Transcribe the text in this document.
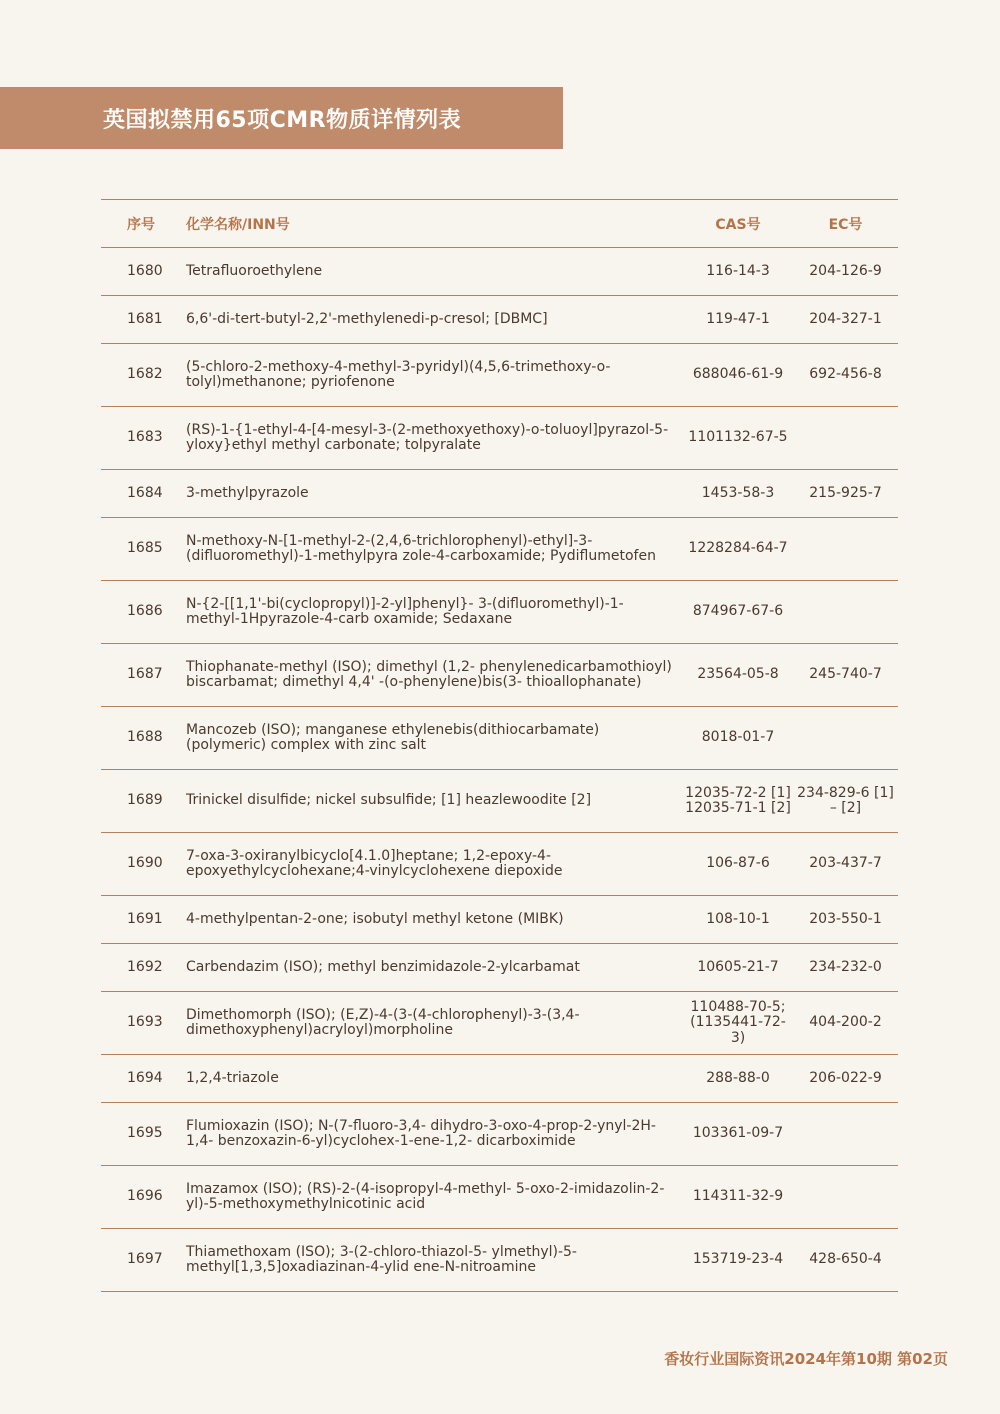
英国拟禁用65项CMR物质详情列表
序号	化学名称/INN号	CAS号	EC号
1680	Tetrafluoroethylene	116-14-3	204-126-9
1681	6,6'-di-tert-butyl-2,2'-methylenedi-p-cresol; [DBMC]	119-47-1	204-327-1
1682	(5-chloro-2-methoxy-4-methyl-3-pyridyl)(4,5,6-trimethoxy-o-tolyl)methanone; pyriofenone	688046-61-9	692-456-8
1683	(RS)-1-{1-ethyl-4-[4-mesyl-3-(2-methoxyethoxy)-o-toluoyl]pyrazol-5-yloxy}ethyl methyl carbonate; tolpyralate	1101132-67-5	
1684	3-methylpyrazole	1453-58-3	215-925-7
1685	N-methoxy-N-[1-methyl-2-(2,4,6-trichlorophenyl)-ethyl]-3-(difluoromethyl)-1-methylpyra zole-4-carboxamide; Pydiflumetofen	1228284-64-7	
1686	N-{2-[[1,1'-bi(cyclopropyl)]-2-yl]phenyl}- 3-(difluoromethyl)-1-methyl-1Hpyrazole-4-carb oxamide; Sedaxane	874967-67-6	
1687	Thiophanate-methyl (ISO); dimethyl (1,2- phenylenedicarbamothioyl) biscarbamat; dimethyl 4,4' -(o-phenylene)bis(3- thioallophanate)	23564-05-8	245-740-7
1688	Mancozeb (ISO); manganese ethylenebis(dithiocarbamate) (polymeric) complex with zinc salt	8018-01-7	
1689	Trinickel disulfide; nickel subsulfide; [1] heazlewoodite [2]	12035-72-2 [1] 12035-71-1 [2]	234-829-6 [1] – [2]
1690	7-oxa-3-oxiranylbicyclo[4.1.0]heptane; 1,2-epoxy-4-epoxyethylcyclohexane;4-vinylcyclohexene diepoxide	106-87-6	203-437-7
1691	4-methylpentan-2-one; isobutyl methyl ketone (MIBK)	108-10-1	203-550-1
1692	Carbendazim (ISO); methyl benzimidazole-2-ylcarbamat	10605-21-7	234-232-0
1693	Dimethomorph (ISO); (E,Z)-4-(3-(4-chlorophenyl)-3-(3,4-dimethoxyphenyl)acryloyl)morpholine	110488-70-5; (1135441-72-3)	404-200-2
1694	1,2,4-triazole	288-88-0	206-022-9
1695	Flumioxazin (ISO); N-(7-fluoro-3,4- dihydro-3-oxo-4-prop-2-ynyl-2H-1,4- benzoxazin-6-yl)cyclohex-1-ene-1,2- dicarboximide	103361-09-7	
1696	Imazamox (ISO); (RS)-2-(4-isopropyl-4-methyl- 5-oxo-2-imidazolin-2-yl)-5-methoxymethylnicotinic acid	114311-32-9	
1697	Thiamethoxam (ISO); 3-(2-chloro-thiazol-5- ylmethyl)-5-methyl[1,3,5]oxadiazinan-4-ylid ene-N-nitroamine	153719-23-4	428-650-4
香妆行业国际资讯2024年第10期 第02页
